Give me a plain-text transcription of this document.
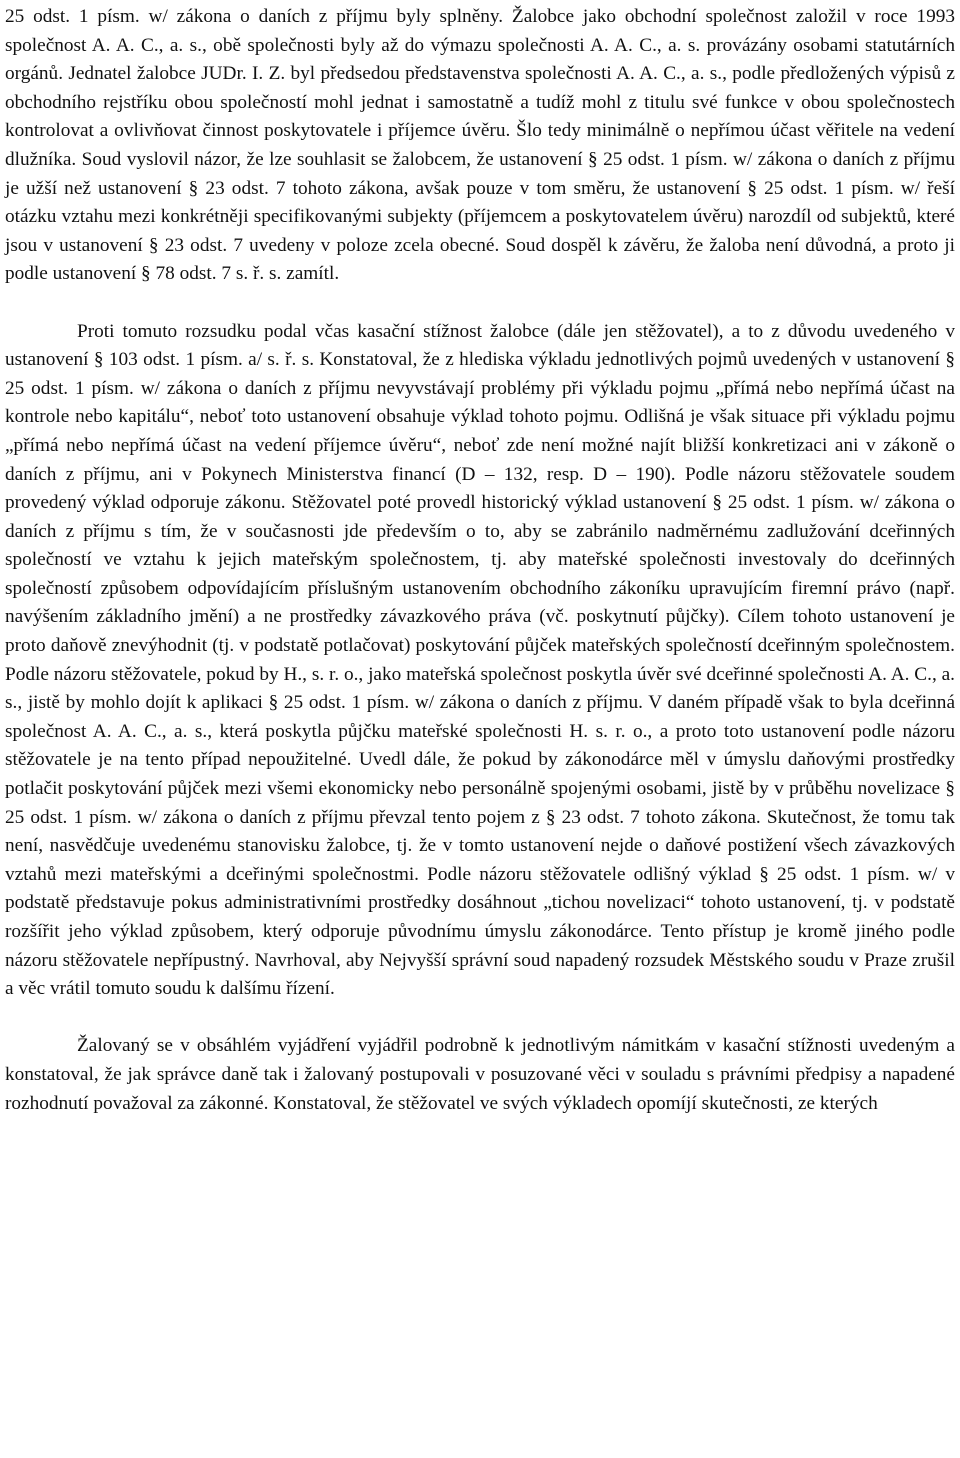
25 odst. 1 písm. w/ zákona o daních z příjmu byly splněny. Žalobce jako obchodní společnost založil v roce 1993 společnost A. A. C., a. s., obě společnosti byly až do výmazu společnosti A. A. C., a. s. provázány osobami statutárních orgánů. Jednatel žalobce JUDr. I. Z. byl předsedou představenstva společnosti A. A. C., a. s., podle předložených výpisů z obchodního rejstříku obou společností mohl jednat i samostatně a tudíž mohl z titulu své funkce v obou společnostech kontrolovat a ovlivňovat činnost poskytovatele i příjemce úvěru. Šlo tedy minimálně o nepřímou účast věřitele na vedení dlužníka. Soud vyslovil názor, že lze souhlasit se žalobcem, že ustanovení § 25 odst. 1 písm. w/ zákona o daních z příjmu je užší než ustanovení § 23 odst. 7 tohoto zákona, avšak pouze v tom směru, že ustanovení § 25 odst. 1 písm. w/ řeší otázku vztahu mezi konkrétněji specifikovanými subjekty (příjemcem a poskytovatelem úvěru) narozdíl od subjektů, které jsou v ustanovení § 23 odst. 7 uvedeny v poloze zcela obecné. Soud dospěl k závěru, že žaloba není důvodná, a proto ji podle ustanovení § 78 odst. 7 s. ř. s. zamítl.

Proti tomuto rozsudku podal včas kasační stížnost žalobce (dále jen stěžovatel), a to z důvodu uvedeného v ustanovení § 103 odst. 1 písm. a/ s. ř. s. Konstatoval, že z hlediska výkladu jednotlivých pojmů uvedených v ustanovení § 25 odst. 1 písm. w/ zákona o daních z příjmu nevyvstávají problémy při výkladu pojmu „přímá nebo nepřímá účast na kontrole nebo kapitálu“, neboť toto ustanovení obsahuje výklad tohoto pojmu. Odlišná je však situace při výkladu pojmu „přímá nebo nepřímá účast na vedení příjemce úvěru“, neboť zde není možné najít bližší konkretizaci ani v zákoně o daních z příjmu, ani v Pokynech Ministerstva financí (D – 132, resp. D – 190). Podle názoru stěžovatele soudem provedený výklad odporuje zákonu. Stěžovatel poté provedl historický výklad ustanovení § 25 odst. 1 písm. w/ zákona o daních z příjmu s tím, že v současnosti jde především o to, aby se zabránilo nadměrnému zadlužování dceřinných společností ve vztahu k jejich mateřským společnostem, tj. aby mateřské společnosti investovaly do dceřinných společností způsobem odpovídajícím příslušným ustanovením obchodního zákoníku upravujícím firemní právo (např. navýšením základního jmění) a ne prostředky závazkového práva (vč. poskytnutí půjčky). Cílem tohoto ustanovení je proto daňově znevýhodnit (tj. v podstatě potlačovat) poskytování půjček mateřských společností dceřinným společnostem. Podle názoru stěžovatele, pokud by H., s. r. o., jako mateřská společnost poskytla úvěr své dceřinné společnosti A. A. C., a. s., jistě by mohlo dojít k aplikaci § 25 odst. 1 písm. w/ zákona o daních z příjmu. V daném případě však to byla dceřinná společnost A. A. C., a. s., která poskytla půjčku mateřské společnosti H. s. r. o., a proto toto ustanovení podle názoru stěžovatele je na tento případ nepoužitelné. Uvedl dále, že pokud by zákonodárce měl v úmyslu daňovými prostředky potlačit poskytování půjček mezi všemi ekonomicky nebo personálně spojenými osobami, jistě by v průběhu novelizace § 25 odst. 1 písm. w/ zákona o daních z příjmu převzal tento pojem z § 23 odst. 7 tohoto zákona. Skutečnost, že tomu tak není, nasvědčuje uvedenému stanovisku žalobce, tj. že v tomto ustanovení nejde o daňové postižení všech závazkových vztahů mezi mateřskými a dceřinými společnostmi. Podle názoru stěžovatele odlišný výklad § 25 odst. 1 písm. w/ v podstatě představuje pokus administrativními prostředky dosáhnout „tichou novelizaci“ tohoto ustanovení, tj. v podstatě rozšířit jeho výklad způsobem, který odporuje původnímu úmyslu zákonodárce. Tento přístup je kromě jiného podle názoru stěžovatele nepřípustný. Navrhoval, aby Nejvyšší správní soud napadený rozsudek Městského soudu v Praze zrušil a věc vrátil tomuto soudu k dalšímu řízení.

Žalovaný se v obsáhlém vyjádření vyjádřil podrobně k jednotlivým námitkám v kasační stížnosti uvedeným a konstatoval, že jak správce daně tak i žalovaný postupovali v posuzované věci v souladu s právními předpisy a napadené rozhodnutí považoval za zákonné. Konstatoval, že stěžovatel ve svých výkladech opomíjí skutečnosti, ze kterých
